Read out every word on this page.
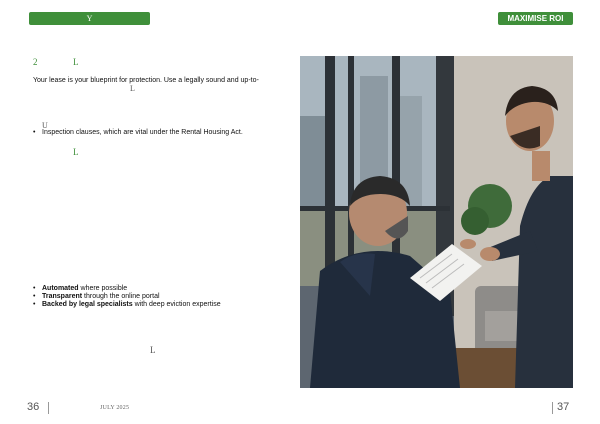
Y	MAXIMISE ROI
2	L
Your lease is your blueprint for protection. Use a legally sound and up-to-
L
U
• Inspection clauses, which are vital under the Rental Housing Act.
L
• Automated where possible
• Transparent through the online portal
• Backed by legal specialists with deep eviction expertise
L
36	JULY 2025	37
